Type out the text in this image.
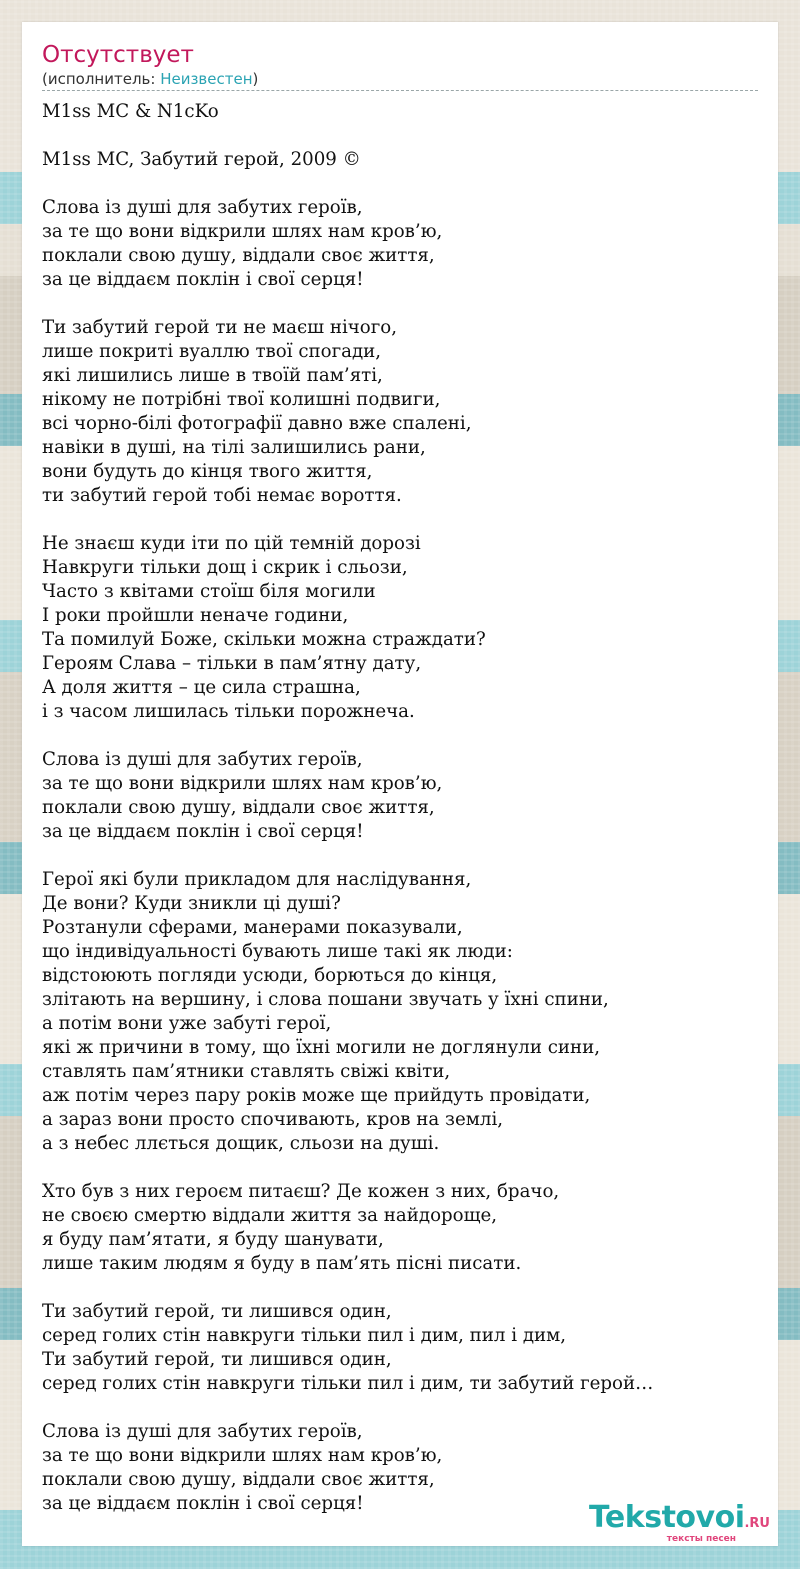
Отсутствует
(исполнитель: Неизвестен)
M1ss MC & N1cKo
M1ss MC, Забутий герой, 2009 ©
Слова із душі для забутих героїв,
за те що вони відкрили шлях нам кров’ю,
поклали свою душу, віддали своє життя,
за це віддаєм поклін і свої серця!
Ти забутий герой ти не маєш нічого,
лише покриті вуаллю твої спогади,
які лишились лише в твоїй пам’яті,
нікому не потрібні твої колишні подвиги,
всі чорно-білі фотографії давно вже спалені,
навіки в душі, на тілі залишились рани,
вони будуть до кінця твого життя,
ти забутий герой тобі немає вороття.
Не знаєш куди іти по цій темній дорозі
Навкруги тільки дощ і скрик і сльози,
Часто з квітами стоїш біля могили
І роки пройшли неначе години,
Та помилуй Боже, скільки можна страждати?
Героям Слава – тільки в пам’ятну дату,
А доля життя – це сила страшна,
і з часом лишилась тільки порожнеча.
Слова із душі для забутих героїв,
за те що вони відкрили шлях нам кров’ю,
поклали свою душу, віддали своє життя,
за це віддаєм поклін і свої серця!
Герої які були прикладом для наслідування,
Де вони? Куди зникли ці душі?
Розтанули сферами, манерами показували,
що індивідуальності бувають лише такі як люди:
відстоюють погляди усюди, борються до кінця,
злітають на вершину, і слова пошани звучать у їхні спини,
а потім вони уже забуті герої,
які ж причини в тому, що їхні могили не доглянули сини,
ставлять пам’ятники ставлять свіжі квіти,
аж потім через пару років може ще прийдуть провідати,
а зараз вони просто спочивають, кров на землі,
а з небес ллється дощик, сльози на душі.
Хто був з них героєм питаєш? Де кожен з них, брачо,
не своєю смертю віддали життя за найдороще,
я буду пам’ятати, я буду шанувати,
лише таким людям я буду в пам’ять пісні писати.
Ти забутий герой, ти лишився один,
серед голих стін навкруги тільки пил і дим, пил і дим,
Ти забутий герой, ти лишився один,
серед голих стін навкруги тільки пил і дим, ти забутий герой…
Слова із душі для забутих героїв,
за те що вони відкрили шлях нам кров’ю,
поклали свою душу, віддали своє життя,
за це віддаєм поклін і свої серця!	Tekstovoi.RU
тексты песен
